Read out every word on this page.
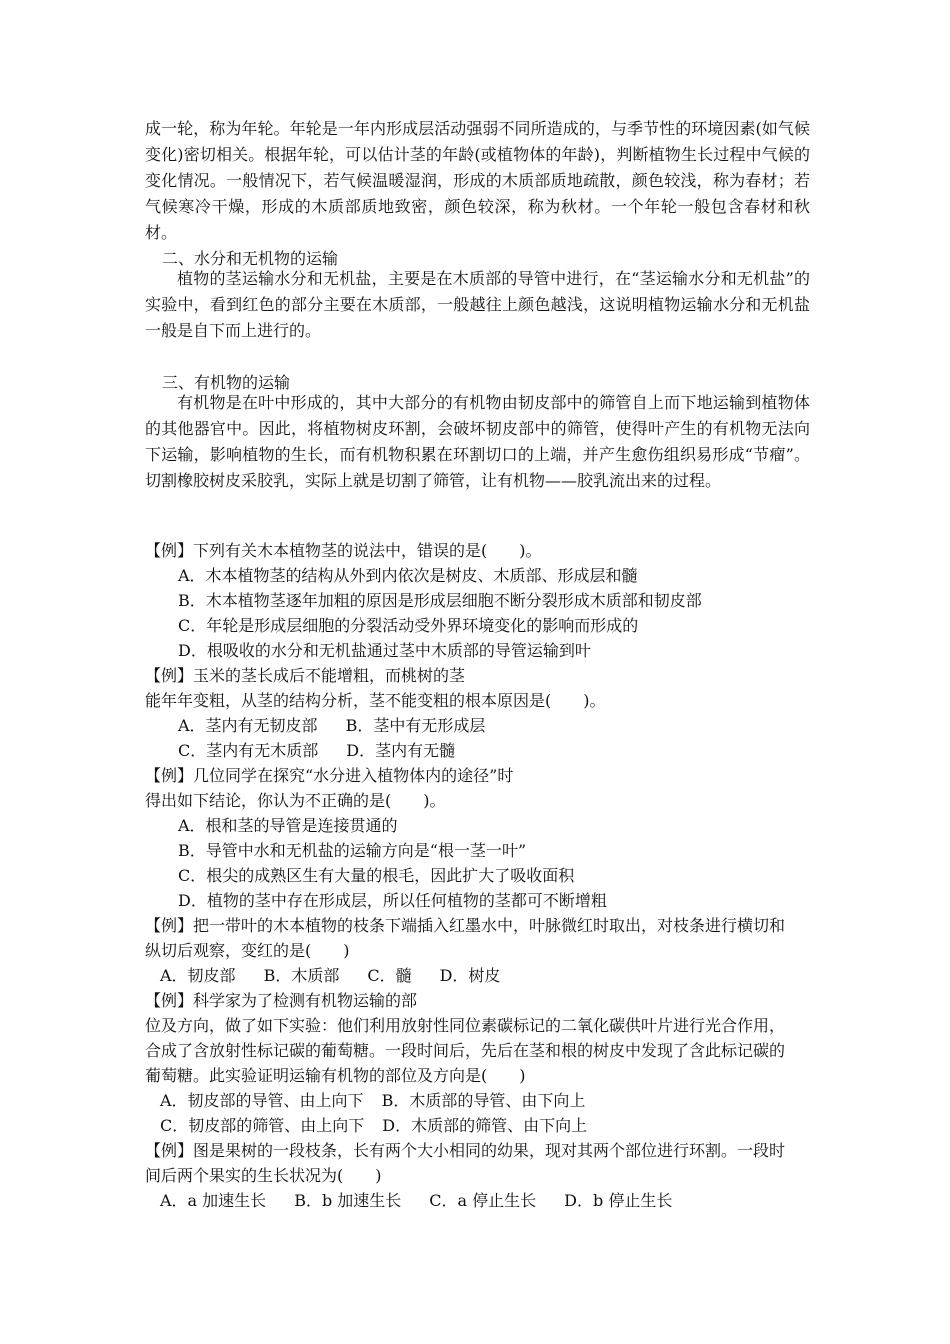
成一轮，称为年轮。年轮是一年内形成层活动强弱不同所造成的，与季节性的环境因素(如气候变化)密切相关。根据年轮，可以估计茎的年龄(或植物体的年龄)，判断植物生长过程中气候的变化情况。一般情况下，若气候温暖湿润，形成的木质部质地疏散，颜色较浅，称为春材；若气候寒冷干燥，形成的木质部质地致密，颜色较深，称为秋材。一个年轮一般包含春材和秋材。
二、水分和无机物的运输
植物的茎运输水分和无机盐，主要是在木质部的导管中进行，在“茎运输水分和无机盐”的实验中，看到红色的部分主要在木质部，一般越往上颜色越浅，这说明植物运输水分和无机盐一般是自下而上进行的。
三、有机物的运输
有机物是在叶中形成的，其中大部分的有机物由韧皮部中的筛管自上而下地运输到植物体的其他器官中。因此，将植物树皮环割，会破坏韧皮部中的筛管，使得叶产生的有机物无法向下运输，影响植物的生长，而有机物积累在环割切口的上端，并产生愈伤组织易形成“节瘤”。切割橡胶树皮采胶乳，实际上就是切割了筛管，让有机物——胶乳流出来的过程。
【例】下列有关木本植物茎的说法中，错误的是(　　)。
A．木本植物茎的结构从外到内依次是树皮、木质部、形成层和髓
B．木本植物茎逐年加粗的原因是形成层细胞不断分裂形成木质部和韧皮部
C．年轮是形成层细胞的分裂活动受外界环境变化的影响而形成的
D．根吸收的水分和无机盐通过茎中木质部的导管运输到叶
【例】玉米的茎长成后不能增粗，而桃树的茎
能年年变粗，从茎的结构分析，茎不能变粗的根本原因是(　　)。
A．茎内有无韧皮部 B．茎中有无形成层
C．茎内有无木质部 D．茎内有无髓
【例】几位同学在探究“水分进入植物体内的途径”时
得出如下结论，你认为不正确的是(　　)。
A．根和茎的导管是连接贯通的
B．导管中水和无机盐的运输方向是“根一茎一叶”
C．根尖的成熟区生有大量的根毛，因此扩大了吸收面积
D．植物的茎中存在形成层，所以任何植物的茎都可不断增粗
【例】把一带叶的木本植物的枝条下端插入红墨水中，叶脉微红时取出，对枝条进行横切和
纵切后观察，变红的是(　　)
A．韧皮部 B．木质部 C．髓 D．树皮
【例】科学家为了检测有机物运输的部
位及方向，做了如下实验：他们利用放射性同位素碳标记的二氧化碳供叶片进行光合作用，
合成了含放射性标记碳的葡萄糖。一段时间后，先后在茎和根的树皮中发现了含此标记碳的
葡萄糖。此实验证明运输有机物的部位及方向是(　　)
A．韧皮部的导管、由上向下 B．木质部的导管、由下向上
C．韧皮部的筛管、由上向下 D．木质部的筛管、由下向上
【例】图是果树的一段枝条，长有两个大小相同的幼果，现对其两个部位进行环割。一段时
间后两个果实的生长状况为(　　)
A．a 加速生长 B．b 加速生长 C．a 停止生长 D．b 停止生长
